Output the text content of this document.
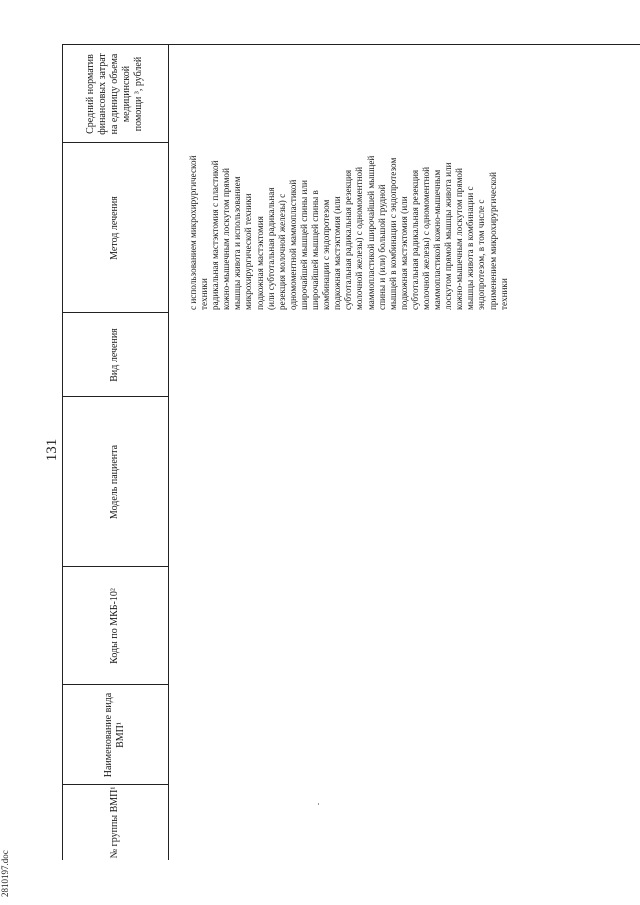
131
№ группы ВМП¹
Наименование вида ВМП¹
Коды по МКБ-10²
Модель пациента
Вид лечения
Метод лечения
Средний норматив финансовых затрат на единицу объема медицинской помощи ³, рублей

с использованием микрохирургической техники радикальная мастэктомия с пластикой кожно-мышечным лоскутом прямой мышцы живота и использованием микрохирургической техники подкожная мастэктомия (или субтотальная радикальная резекция молочной железы) с одномоментной маммопластикой широчайшей мышцей спины или широчайшей мышцей спины в комбинации с эндопротезом подкожная мастэктомия (или субтотальная радикальная резекция молочной железы) с одномоментной маммопластикой широчайшей мышцей спины и (или) большой грудной мышцей в комбинации с эндопротезом подкожная мастэктомия (или субтотальная радикальная резекция молочной железы) с одномоментной маммопластикой кожно-мышечным лоскутом прямой мышцы живота или кожно-мышечным лоскутом прямой мышцы живота в комбинации с эндопротезом, в том числе с применением микрохирургической техники

2810197.doc
